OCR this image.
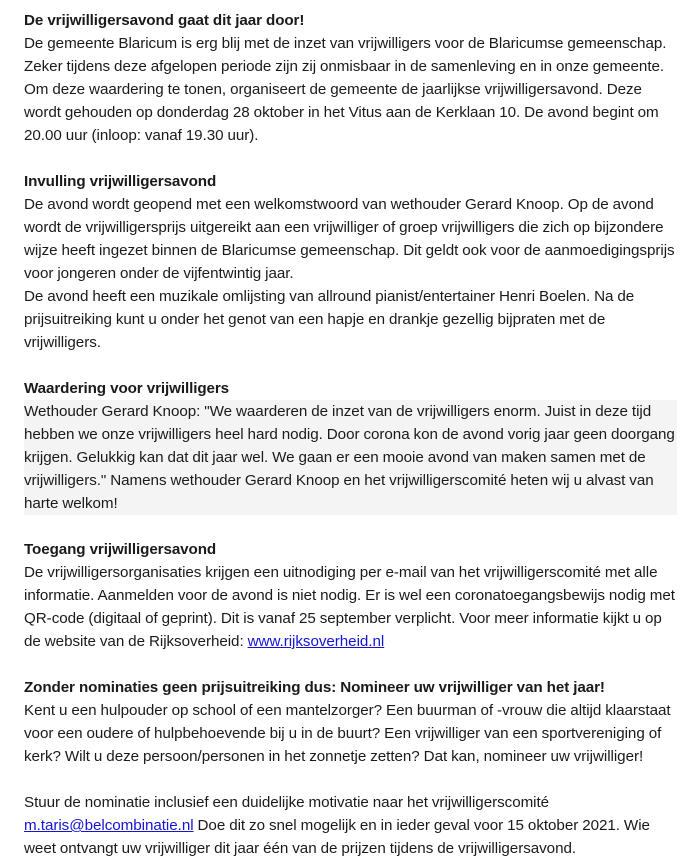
De vrijwilligersavond gaat dit jaar door!

De gemeente Blaricum is erg blij met de inzet van vrijwilligers voor de Blaricumse gemeenschap. Zeker tijdens deze afgelopen periode zijn zij onmisbaar in de samenleving en in onze gemeente. Om deze waardering te tonen, organiseert de gemeente de jaarlijkse vrijwilligersavond. Deze wordt gehouden op donderdag 28 oktober in het Vitus aan de Kerklaan 10. De avond begint om 20.00 uur (inloop: vanaf 19.30 uur).

Invulling vrijwilligersavond

De avond wordt geopend met een welkomstwoord van wethouder Gerard Knoop. Op de avond wordt de vrijwilligersprijs uitgereikt aan een vrijwilliger of groep vrijwilligers die zich op bijzondere wijze heeft ingezet binnen de Blaricumse gemeenschap. Dit geldt ook voor de aanmoedigingsprijs voor jongeren onder de vijfentwintig jaar.

De avond heeft een muzikale omlijsting van allround pianist/entertainer Henri Boelen. Na de prijsuitreiking kunt u onder het genot van een hapje en drankje gezellig bijpraten met de vrijwilligers.

Waardering voor vrijwilligers

Wethouder Gerard Knoop: "We waarderen de inzet van de vrijwilligers enorm. Juist in deze tijd hebben we onze vrijwilligers heel hard nodig. Door corona kon de avond vorig jaar geen doorgang krijgen. Gelukkig kan dat dit jaar wel. We gaan er een mooie avond van maken samen met de vrijwilligers." Namens wethouder Gerard Knoop en het vrijwilligerscomité heten wij u alvast van harte welkom!

Toegang vrijwilligersavond

De vrijwilligersorganisaties krijgen een uitnodiging per e-mail van het vrijwilligerscomité met alle informatie. Aanmelden voor de avond is niet nodig. Er is wel een coronatoegangsbewijs nodig met QR-code (digitaal of geprint). Dit is vanaf 25 september verplicht. Voor meer informatie kijkt u op de website van de Rijksoverheid: www.rijksoverheid.nl

Zonder nominaties geen prijsuitreiking dus: Nomineer uw vrijwilliger van het jaar!

Kent u een hulpouder op school of een mantelzorger? Een buurman of -vrouw die altijd klaarstaat voor een oudere of hulpbehoevende bij u in de buurt? Een vrijwilliger van een sportvereniging of kerk? Wilt u deze persoon/personen in het zonnetje zetten? Dat kan, nomineer uw vrijwilliger!

Stuur de nominatie inclusief een duidelijke motivatie naar het vrijwilligerscomité m.taris@belcombinatie.nl Doe dit zo snel mogelijk en in ieder geval voor 15 oktober 2021. Wie weet ontvangt uw vrijwilliger dit jaar één van de prijzen tijdens de vrijwilligersavond.
